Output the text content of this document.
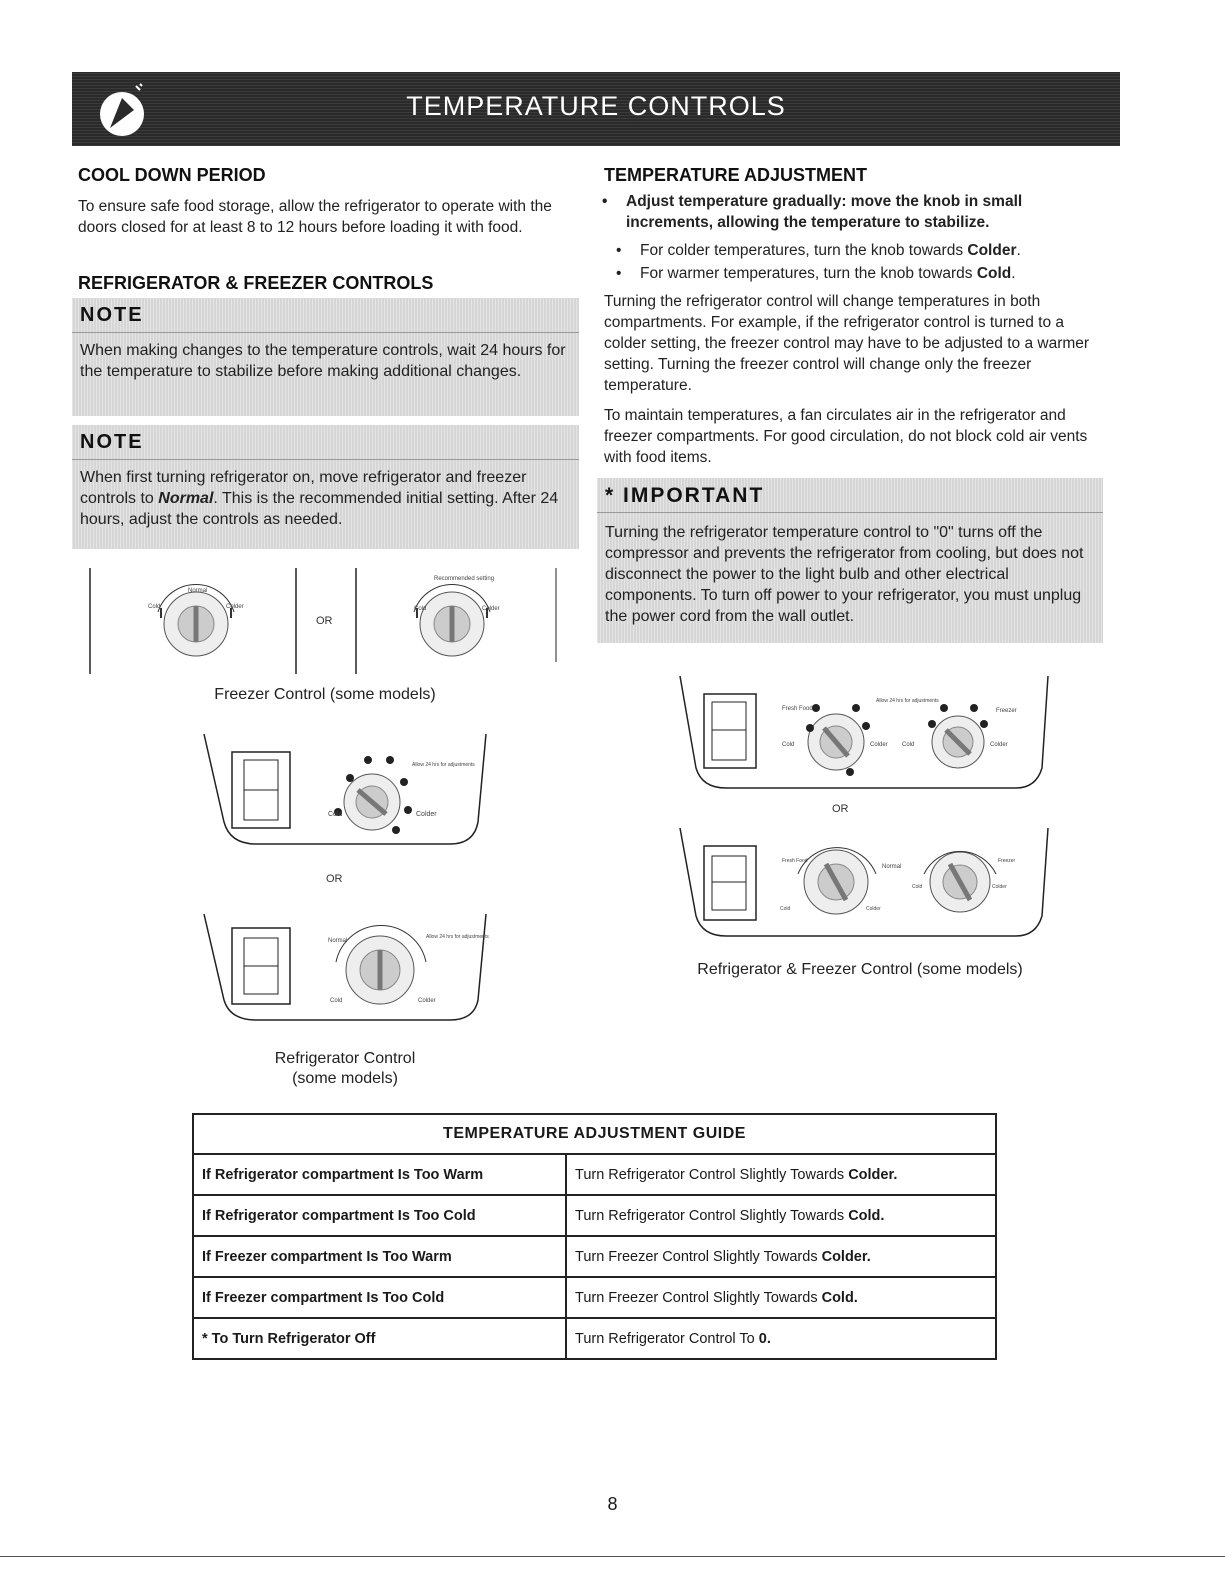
TEMPERATURE CONTROLS
COOL DOWN PERIOD

To ensure safe food storage, allow the refrigerator to operate with the doors closed for at least 8 to 12 hours before loading it with food.

REFRIGERATOR & FREEZER CONTROLS
NOTE
When making changes to the temperature controls, wait 24 hours for the temperature to stabilize before making additional changes.
NOTE
When first turning refrigerator on, move refrigerator and freezer controls to Normal. This is the recommended initial setting. After 24 hours, adjust the controls as needed.
Normal
Cold	Colder
OR
Recommended setting
Cold	Colder
Freezer Control (some models)
Allow 24 hrs for adjustments
Cold	Colder
OR
Normal
Allow 24 hrs for adjustments
Cold	Colder
Refrigerator Control
(some models)
TEMPERATURE ADJUSTMENT
• Adjust temperature gradually: move the knob in small increments, allowing the temperature to stabilize.
• For colder temperatures, turn the knob towards Colder.
• For warmer temperatures, turn the knob towards Cold.

Turning the refrigerator control will change temperatures in both compartments. For example, if the refrigerator control is turned to a colder setting, the freezer control may have to be adjusted to a warmer setting. Turning the freezer control will change only the freezer temperature.

To maintain temperatures, a fan circulates air in the refrigerator and freezer compartments. For good circulation, do not block cold air vents with food items.

* IMPORTANT
Turning the refrigerator temperature control to "0" turns off the compressor and prevents the refrigerator from cooling, but does not disconnect the power to the light bulb and other electrical components. To turn off power to your refrigerator, you must unplug the power cord from the wall outlet.
Fresh Food
Allow 24 hrs for adjustments
Freezer
Cold	Colder Cold	Colder
OR
Fresh Food
Normal
Freezer
Cold	Colder
Cold	Colder
Refrigerator & Freezer Control (some models)
TEMPERATURE ADJUSTMENT GUIDE	
If Refrigerator compartment Is Too Warm	Turn Refrigerator Control Slightly Towards Colder.
If Refrigerator compartment Is Too Cold	Turn Refrigerator Control Slightly Towards Cold.
If Freezer compartment Is Too Warm	Turn Freezer Control Slightly Towards Colder.
If Freezer compartment Is Too Cold	Turn Freezer Control Slightly Towards Cold.
* To Turn Refrigerator Off	Turn Refrigerator Control To 0.
8
